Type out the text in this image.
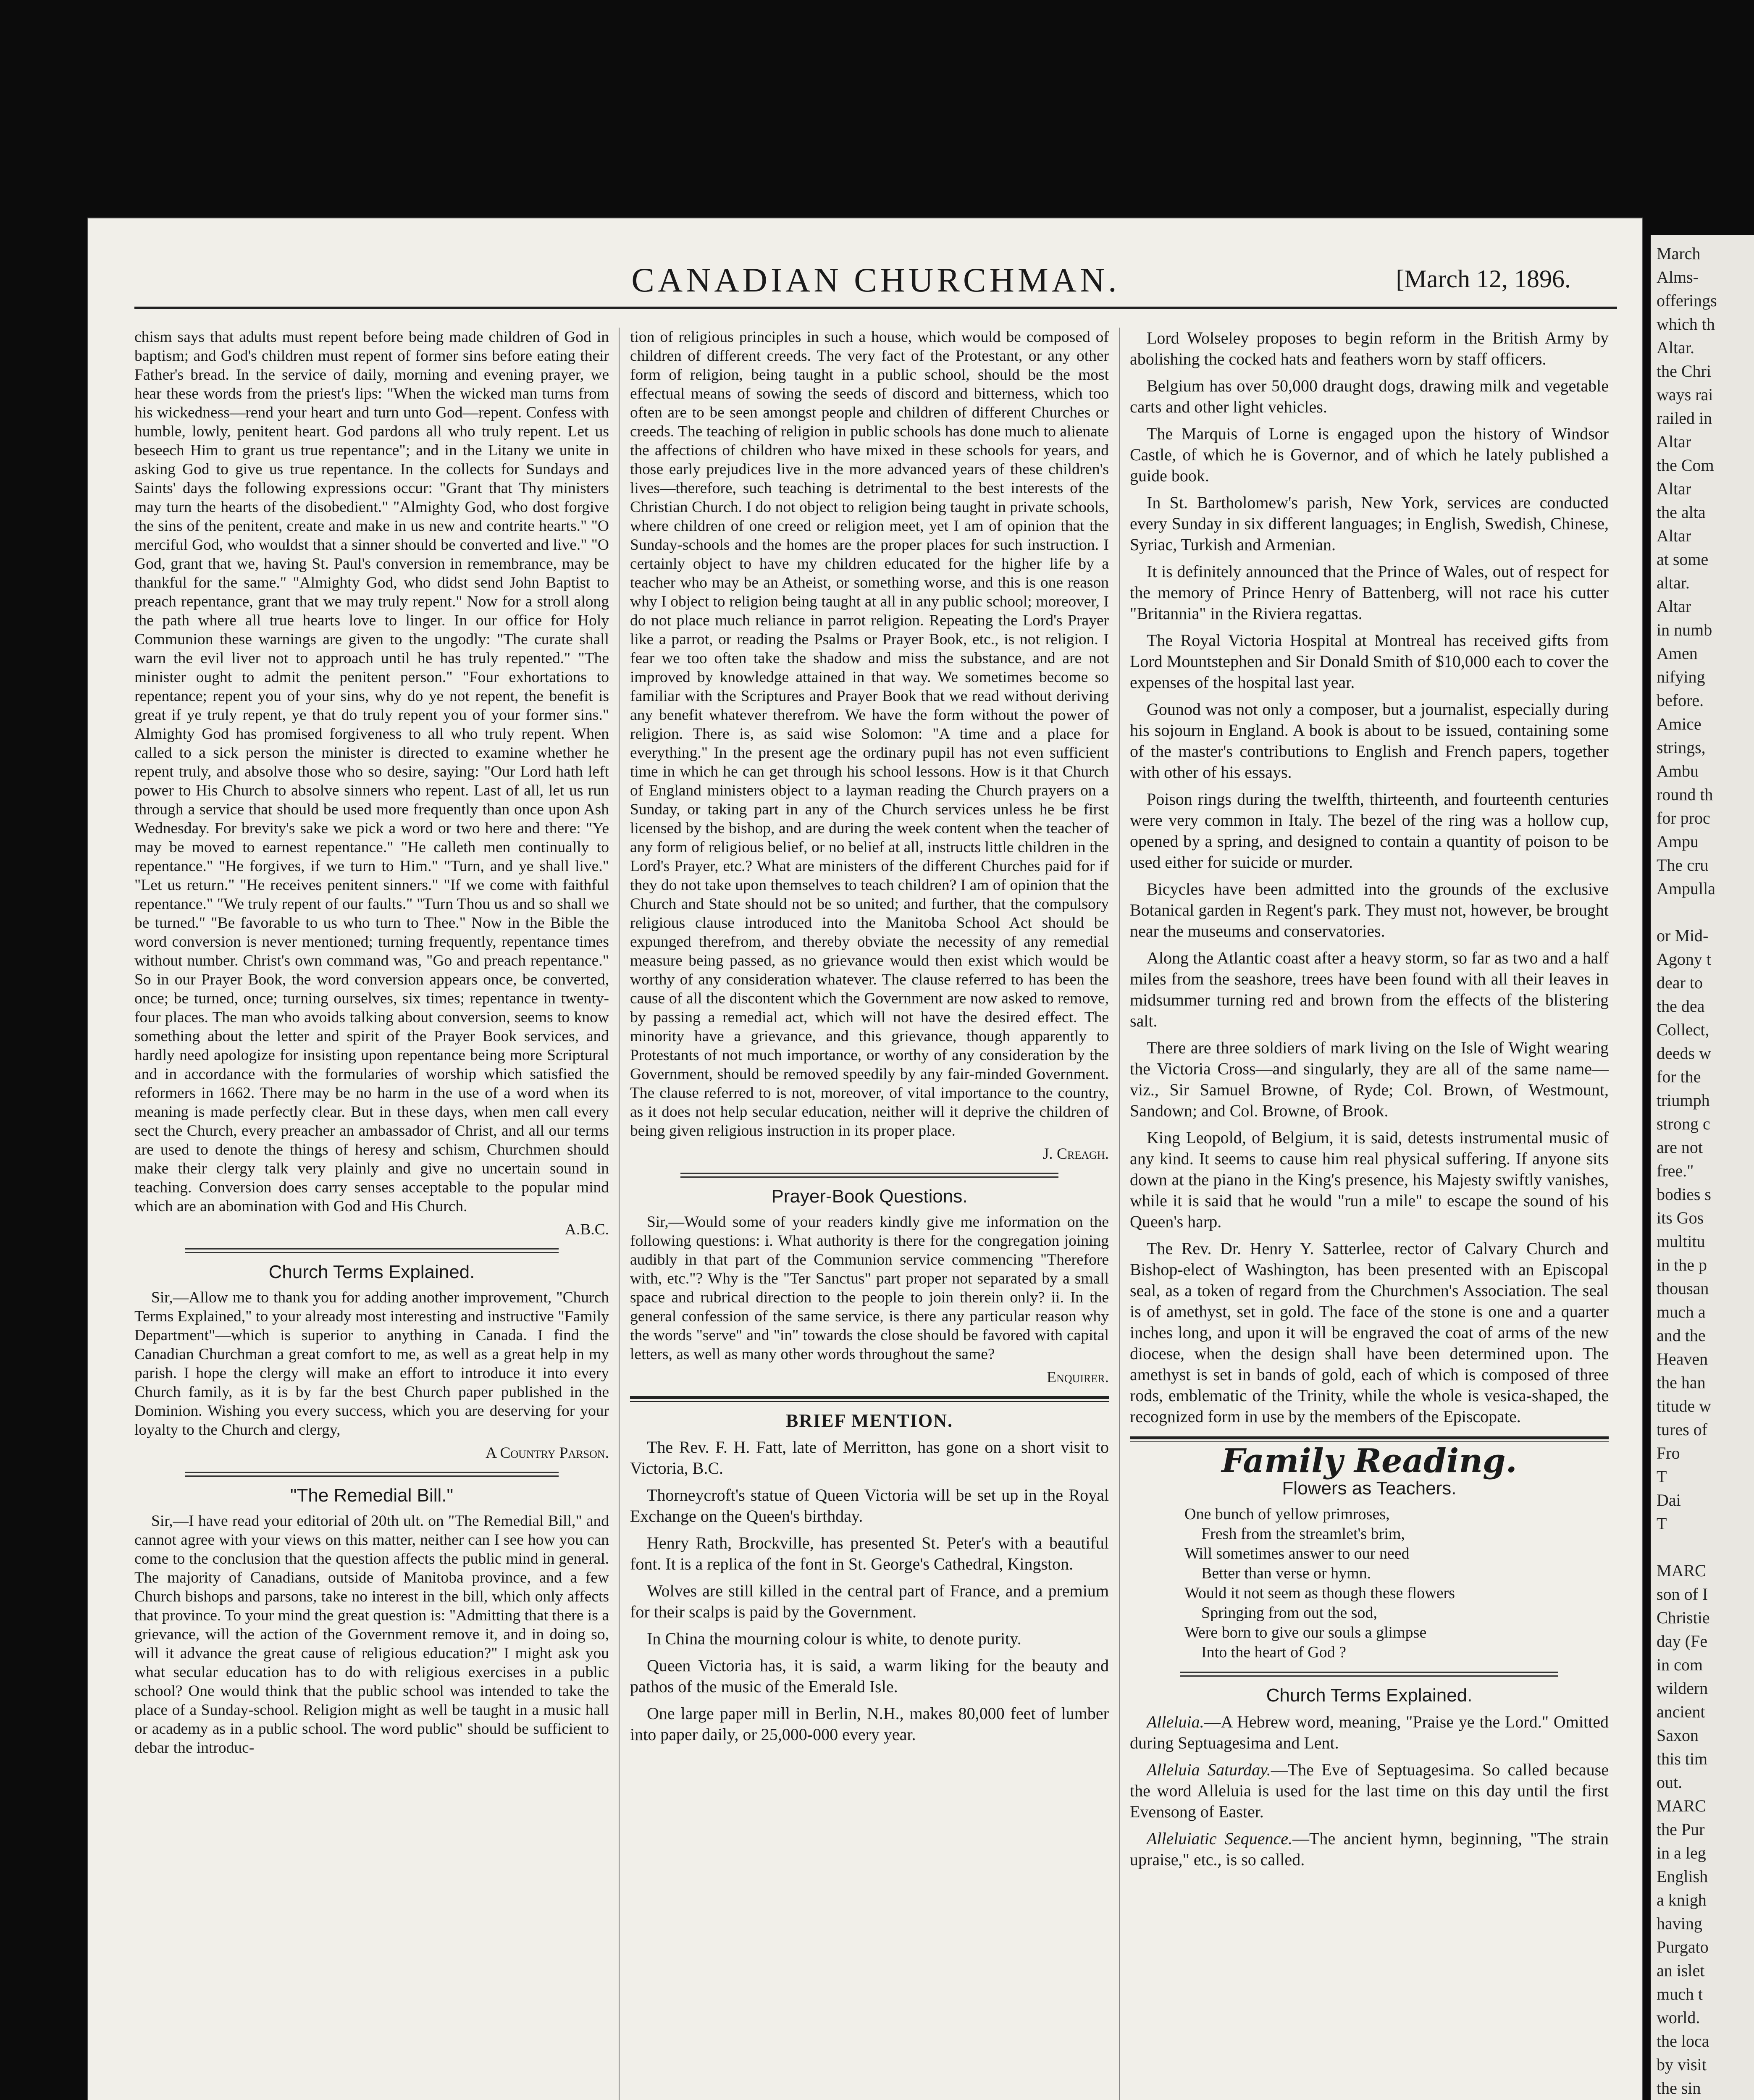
March
Alms-
offerings
which th
Altar.
the Chri
ways rai
railed in
Altar
the Com
Altar
the alta
Altar
at some
altar.
Altar
in numb
Amen
nifying
before.
Amice
strings,
Ambu
round th
for proc
Ampu
The cru
Ampulla
or Mid-
Agony t
dear to
the dea
Collect,
deeds w
for the
triumph
strong c
are not
free."
bodies s
its Gos
multitu
in the p
thousan
much a
and the
Heaven
the han
titude w
tures of
Fro
T
Dai
T
MARC
son of I
Christie
day (Fe
in com
wildern
ancient
Saxon
this tim
out.
MARC
the Pur
in a leg
English
a knigh
having
Purgato
an islet
much t
world.
the loca
by visit
the sin
CANADIAN CHURCHMAN.	[March 12, 1896.

chism says that adults must repent before being made children of God in baptism; and God's children must repent of former sins before eating their Father's bread. In the service of daily, morning and evening prayer, we hear these words from the priest's lips: "When the wicked man turns from his wickedness—rend your heart and turn unto God—repent. Confess with humble, lowly, penitent heart. God pardons all who truly repent. Let us beseech Him to grant us true repentance"; and in the Litany we unite in asking God to give us true repentance. In the collects for Sundays and Saints' days the following expressions occur: "Grant that Thy ministers may turn the hearts of the disobedient." "Almighty God, who dost forgive the sins of the penitent, create and make in us new and contrite hearts." "O merciful God, who wouldst that a sinner should be converted and live." "O God, grant that we, having St. Paul's conversion in remembrance, may be thankful for the same." "Almighty God, who didst send John Baptist to preach repentance, grant that we may truly repent." Now for a stroll along the path where all true hearts love to linger. In our office for Holy Communion these warnings are given to the ungodly: "The curate shall warn the evil liver not to approach until he has truly repented." "The minister ought to admit the penitent person." "Four exhortations to repentance; repent you of your sins, why do ye not repent, the benefit is great if ye truly repent, ye that do truly repent you of your former sins." Almighty God has promised forgiveness to all who truly repent. When called to a sick person the minister is directed to examine whether he repent truly, and absolve those who so desire, saying: "Our Lord hath left power to His Church to absolve sinners who repent. Last of all, let us run through a service that should be used more frequently than once upon Ash Wednesday. For brevity's sake we pick a word or two here and there: "Ye may be moved to earnest repentance." "He calleth men continually to repentance." "He forgives, if we turn to Him." "Turn, and ye shall live." "Let us return." "He receives penitent sinners." "If we come with faithful repentance." "We truly repent of our faults." "Turn Thou us and so shall we be turned." "Be favorable to us who turn to Thee." Now in the Bible the word conversion is never mentioned; turning frequently, repentance times without number. Christ's own command was, "Go and preach repentance." So in our Prayer Book, the word conversion appears once, be converted, once; be turned, once; turning ourselves, six times; repentance in twenty-four places. The man who avoids talking about conversion, seems to know something about the letter and spirit of the Prayer Book services, and hardly need apologize for insisting upon repentance being more Scriptural and in accordance with the formularies of worship which satisfied the reformers in 1662. There may be no harm in the use of a word when its meaning is made perfectly clear. But in these days, when men call every sect the Church, every preacher an ambassador of Christ, and all our terms are used to denote the things of heresy and schism, Churchmen should make their clergy talk very plainly and give no uncertain sound in teaching. Conversion does carry senses acceptable to the popular mind which are an abomination with God and His Church.

A.B.C.

Church Terms Explained.

Sir,—Allow me to thank you for adding another improvement, "Church Terms Explained," to your already most interesting and instructive "Family Department"—which is superior to anything in Canada. I find the Canadian Churchman a great comfort to me, as well as a great help in my parish. I hope the clergy will make an effort to introduce it into every Church family, as it is by far the best Church paper published in the Dominion. Wishing you every success, which you are deserving for your loyalty to the Church and clergy,

A Country Parson.

"The Remedial Bill."

Sir,—I have read your editorial of 20th ult. on "The Remedial Bill," and cannot agree with your views on this matter, neither can I see how you can come to the conclusion that the question affects the public mind in general. The majority of Canadians, outside of Manitoba province, and a few Church bishops and parsons, take no interest in the bill, which only affects that province. To your mind the great question is: "Admitting that there is a grievance, will the action of the Government remove it, and in doing so, will it advance the great cause of religious education?" I might ask you what secular education has to do with religious exercises in a public school? One would think that the public school was intended to take the place of a Sunday-school. Religion might as well be taught in a music hall or academy as in a public school. The word public" should be sufficient to debar the introduc-

tion of religious principles in such a house, which would be composed of children of different creeds. The very fact of the Protestant, or any other form of religion, being taught in a public school, should be the most effectual means of sowing the seeds of discord and bitterness, which too often are to be seen amongst people and children of different Churches or creeds. The teaching of religion in public schools has done much to alienate the affections of children who have mixed in these schools for years, and those early prejudices live in the more advanced years of these children's lives—therefore, such teaching is detrimental to the best interests of the Christian Church. I do not object to religion being taught in private schools, where children of one creed or religion meet, yet I am of opinion that the Sunday-schools and the homes are the proper places for such instruction. I certainly object to have my children educated for the higher life by a teacher who may be an Atheist, or something worse, and this is one reason why I object to religion being taught at all in any public school; moreover, I do not place much reliance in parrot religion. Repeating the Lord's Prayer like a parrot, or reading the Psalms or Prayer Book, etc., is not religion. I fear we too often take the shadow and miss the substance, and are not improved by knowledge attained in that way. We sometimes become so familiar with the Scriptures and Prayer Book that we read without deriving any benefit whatever therefrom. We have the form without the power of religion. There is, as said wise Solomon: "A time and a place for everything." In the present age the ordinary pupil has not even sufficient time in which he can get through his school lessons. How is it that Church of England ministers object to a layman reading the Church prayers on a Sunday, or taking part in any of the Church services unless he be first licensed by the bishop, and are during the week content when the teacher of any form of religious belief, or no belief at all, instructs little children in the Lord's Prayer, etc.? What are ministers of the different Churches paid for if they do not take upon themselves to teach children? I am of opinion that the Church and State should not be so united; and further, that the compulsory religious clause introduced into the Manitoba School Act should be expunged therefrom, and thereby obviate the necessity of any remedial measure being passed, as no grievance would then exist which would be worthy of any consideration whatever. The clause referred to has been the cause of all the discontent which the Government are now asked to remove, by passing a remedial act, which will not have the desired effect. The minority have a grievance, and this grievance, though apparently to Protestants of not much importance, or worthy of any consideration by the Government, should be removed speedily by any fair-minded Government. The clause referred to is not, moreover, of vital importance to the country, as it does not help secular education, neither will it deprive the children of being given religious instruction in its proper place.

J. Creagh.

Prayer-Book Questions.

Sir,—Would some of your readers kindly give me information on the following questions: i. What authority is there for the congregation joining audibly in that part of the Communion service commencing "Therefore with, etc."? Why is the "Ter Sanctus" part proper not separated by a small space and rubrical direction to the people to join therein only? ii. In the general confession of the same service, is there any particular reason why the words "serve" and "in" towards the close should be favored with capital letters, as well as many other words throughout the same?

Enquirer.

BRIEF MENTION.

The Rev. F. H. Fatt, late of Merritton, has gone on a short visit to Victoria, B.C.

Thorneycroft's statue of Queen Victoria will be set up in the Royal Exchange on the Queen's birthday.

Henry Rath, Brockville, has presented St. Peter's with a beautiful font. It is a replica of the font in St. George's Cathedral, Kingston.

Wolves are still killed in the central part of France, and a premium for their scalps is paid by the Government.

In China the mourning colour is white, to denote purity.

Queen Victoria has, it is said, a warm liking for the beauty and pathos of the music of the Emerald Isle.

One large paper mill in Berlin, N.H., makes 80,000 feet of lumber into paper daily, or 25,000-000 every year.

Lord Wolseley proposes to begin reform in the British Army by abolishing the cocked hats and feathers worn by staff officers.

Belgium has over 50,000 draught dogs, drawing milk and vegetable carts and other light vehicles.

The Marquis of Lorne is engaged upon the history of Windsor Castle, of which he is Governor, and of which he lately published a guide book.

In St. Bartholomew's parish, New York, services are conducted every Sunday in six different languages; in English, Swedish, Chinese, Syriac, Turkish and Armenian.

It is definitely announced that the Prince of Wales, out of respect for the memory of Prince Henry of Battenberg, will not race his cutter "Britannia" in the Riviera regattas.

The Royal Victoria Hospital at Montreal has received gifts from Lord Mountstephen and Sir Donald Smith of $10,000 each to cover the expenses of the hospital last year.

Gounod was not only a composer, but a journalist, especially during his sojourn in England. A book is about to be issued, containing some of the master's contributions to English and French papers, together with other of his essays.

Poison rings during the twelfth, thirteenth, and fourteenth centuries were very common in Italy. The bezel of the ring was a hollow cup, opened by a spring, and designed to contain a quantity of poison to be used either for suicide or murder.

Bicycles have been admitted into the grounds of the exclusive Botanical garden in Regent's park. They must not, however, be brought near the museums and conservatories.

Along the Atlantic coast after a heavy storm, so far as two and a half miles from the seashore, trees have been found with all their leaves in midsummer turning red and brown from the effects of the blistering salt.

There are three soldiers of mark living on the Isle of Wight wearing the Victoria Cross—and singularly, they are all of the same name—viz., Sir Samuel Browne, of Ryde; Col. Brown, of Westmount, Sandown; and Col. Browne, of Brook.

King Leopold, of Belgium, it is said, detests instrumental music of any kind. It seems to cause him real physical suffering. If anyone sits down at the piano in the King's presence, his Majesty swiftly vanishes, while it is said that he would "run a mile" to escape the sound of his Queen's harp.

The Rev. Dr. Henry Y. Satterlee, rector of Calvary Church and Bishop-elect of Washington, has been presented with an Episcopal seal, as a token of regard from the Churchmen's Association. The seal is of amethyst, set in gold. The face of the stone is one and a quarter inches long, and upon it will be engraved the coat of arms of the new diocese, when the design shall have been determined upon. The amethyst is set in bands of gold, each of which is composed of three rods, emblematic of the Trinity, while the whole is vesica-shaped, the recognized form in use by the members of the Episcopate.

Family Reading.
Flowers as Teachers.
One bunch of yellow primroses,
Fresh from the streamlet's brim,
Will sometimes answer to our need
Better than verse or hymn.
Would it not seem as though these flowers
Springing from out the sod,
Were born to give our souls a glimpse
Into the heart of God ?
Church Terms Explained.

Alleluia.—A Hebrew word, meaning, "Praise ye the Lord." Omitted during Septuagesima and Lent.

Alleluia Saturday.—The Eve of Septuagesima. So called because the word Alleluia is used for the last time on this day until the first Evensong of Easter.

Alleluiatic Sequence.—The ancient hymn, beginning, "The strain upraise," etc., is so called.
